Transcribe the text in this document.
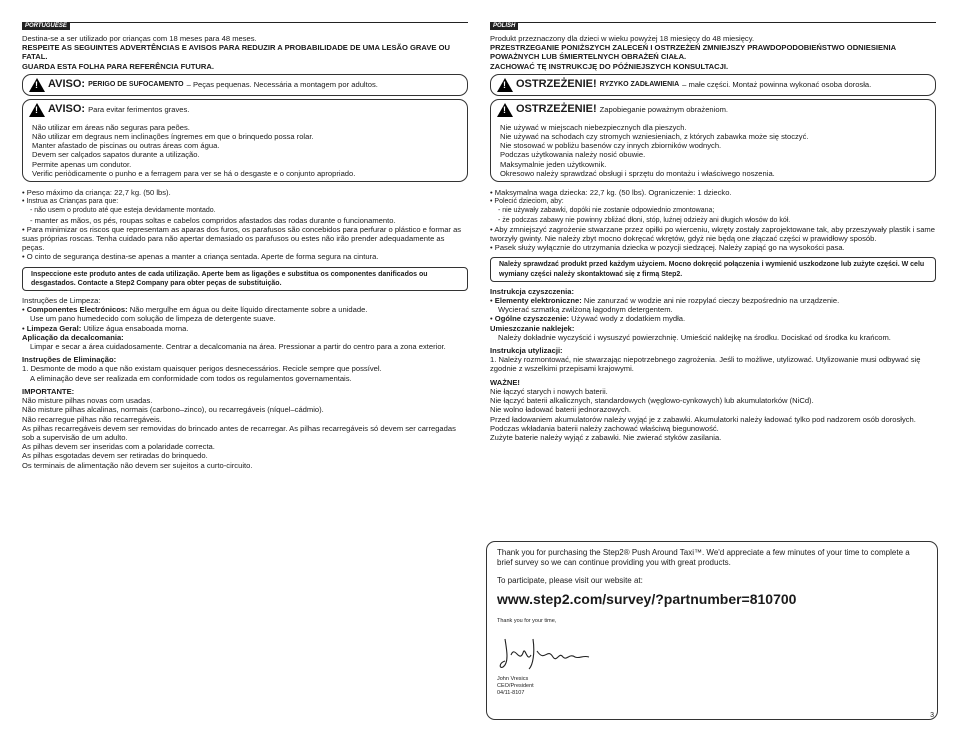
PORTUGUÊSE

Destina-se a ser utilizado por crianças com 18 meses para 48 meses.

RESPEITE AS SEGUINTES ADVERTÊNCIAS E AVISOS PARA REDUZIR A PROBABILIDADE DE UMA LESÃO GRAVE OU FATAL.

GUARDA ESTA FOLHA PARA REFERÊNCIA FUTURA.

!
AVISO: PERIGO DE SUFOCAMENTO – Peças pequenas. Necessária a montagem por adultos.
!
AVISO: Para evitar ferimentos graves.

Não utilizar em áreas não seguras para peões.

Não utilizar em degraus nem inclinações íngremes em que o brinquedo possa rolar.

Manter afastado de piscinas ou outras áreas com água.

Devem ser calçados sapatos durante a utilização.

Permite apenas um condutor.

Verific periòdicamente o punho e a ferragem para ver se há o desgaste e o conjunto apropriado.

• Peso máximo da criança: 22,7 kg. (50 lbs).
• Instrua as Crianças para que:
- não usem o produto até que esteja devidamente montado.
- manter as mãos, os pés, roupas soltas e cabelos compridos afastados das rodas durante o funcionamento.
• Para minimizar os riscos que representam as aparas dos furos, os parafusos são concebidos para perfurar o plástico e formar as suas próprias roscas. Tenha cuidado para não apertar demasiado os parafusos ou estes não irão prender adequadamente as peças.
• O cinto de segurança destina-se apenas a manter a criança sentada. Aperte de forma segura na cintura.
Inspeccione este produto antes de cada utilização. Aperte bem as ligações e substitua os componentes danificados ou desgastados. Contacte a Step2 Company para obter peças de substituição.

Instruções de Limpeza:

• Componentes Electrónicos: Não mergulhe em água ou deite líquido directamente sobre a unidade.

Use um pano humedecido com solução de limpeza de detergente suave.

• Limpeza Geral: Utilize água ensaboada morna.

Aplicação da decalcomania:

Limpar e secar a área cuidadosamente. Centrar a decalcomania na área. Pressionar a partir do centro para a zona exterior.

Instruções de Eliminação:

1. Desmonte de modo a que não existam quaisquer perigos desnecessários. Recicle sempre que possível.

A eliminação deve ser realizada em conformidade com todos os regulamentos governamentais.

IMPORTANTE:

Não misture pilhas novas com usadas.

Não misture pilhas alcalinas, normais (carbono–zinco), ou recarregáveis (níquel–cádmio).

Não recarregue pilhas não recarregáveis.

As pilhas recarregáveis devem ser removidas do brincado antes de recarregar. As pilhas recarregáveis só devem ser carregadas sob a supervisão de um adulto.

As pilhas devem ser inseridas com a polaridade correcta.

As pilhas esgotadas devem ser retiradas do brinquedo.

Os terminais de alimentação não devem ser sujeitos a curto-circuito.

POLISH

Produkt przeznaczony dla dzieci w wieku powyżej 18 miesięcy do 48 miesięcy.

PRZESTRZEGANIE PONIŻSZYCH ZALECEŃ I OSTRZEŻEŃ ZMNIEJSZY PRAWDOPODOBIEŃSTWO ODNIESIENIA POWAŻNYCH LUB ŚMIERTELNYCH OBRAŻEŃ CIAŁA.

ZACHOWAĆ TĘ INSTRUKCJĘ DO PÓŹNIEJSZYCH KONSULTACJI.

!
OSTRZEŻENIE! RYZYKO ZADŁAWIENIA – małe części. Montaż powinna wykonać osoba dorosła.
!
OSTRZEŻENIE! Zapobieganie poważnym obrażeniom.

Nie używać w miejscach niebezpiecznych dla pieszych.

Nie używać na schodach czy stromych wzniesieniach, z których zabawka może się stoczyć.

Nie stosować w pobliżu basenów czy innych zbiorników wodnych.

Podczas użytkowania należy nosić obuwie.

Maksymalnie jeden użytkownik.

Okresowo należy sprawdzać obsługi i sprzętu do montażu i właściwego noszenia.

• Maksymalna waga dziecka: 22,7 kg. (50 lbs). Ograniczenie: 1 dziecko.
• Polecić dzieciom, aby:
- nie używały zabawki, dopóki nie zostanie odpowiednio zmontowana;
- że podczas zabawy nie powinny zbliżać dłoni, stóp, luźnej odzieży ani długich włosów do kół.
• Aby zmniejszyć zagrożenie stwarzane przez opiłki po wierceniu, wkręty zostały zaprojektowane tak, aby przeszywały plastik i same tworzyły gwinty. Nie należy zbyt mocno dokręcać wkrętów, gdyż nie będą one złączać części w prawidłowy sposób.
• Pasek służy wyłącznie do utrzymania dziecka w pozycji siedzącej. Należy zapiąć go na wysokości pasa.
Należy sprawdzać produkt przed każdym użyciem. Mocno dokręcić połączenia i wymienić uszkodzone lub zużyte części. W celu wymiany części należy skontaktować się z firmą Step2.

Instrukcja czyszczenia:

• Elementy elektroniczne: Nie zanurzać w wodzie ani nie rozpylać cieczy bezpośrednio na urządzenie.

Wycierać szmatką zwilżoną łagodnym detergentem.

• Ogólne czyszczenie: Używać wody z dodatkiem mydła.

Umieszczanie naklejek:

Należy dokładnie wyczyścić i wysuszyć powierzchnię. Umieścić naklejkę na środku. Dociskać od środka ku krańcom.

Instrukcja utylizacji:

1. Należy rozmontować, nie stwarzając niepotrzebnego zagrożenia. Jeśli to możliwe, utylizować. Utylizowanie musi odbywać się zgodnie z wszelkimi przepisami krajowymi.

WAŻNE!

Nie łączyć starych i nowych baterii.

Nie łączyć baterii alkalicznych, standardowych (węglowo-cynkowych) lub akumulatorków (NiCd).

Nie wolno ładować baterii jednorazowych.

Przed ładowaniem akumulatorów należy wyjąć je z zabawki. Akumulatorki należy ładować tylko pod nadzorem osób dorosłych. Podczas wkładania baterii należy zachować właściwą biegunowość.

Zużyte baterie należy wyjąć z zabawki. Nie zwierać styków zasilania.

Thank you for purchasing the Step2® Push Around Taxi™. We'd appreciate a few minutes of your time to complete a brief survey so we can continue providing you with great products.

To participate, please visit our website at:

www.step2.com/survey/?partnumber=810700

Thank you for your time,

John Vresics

CEO/President

04/11-8107

3
